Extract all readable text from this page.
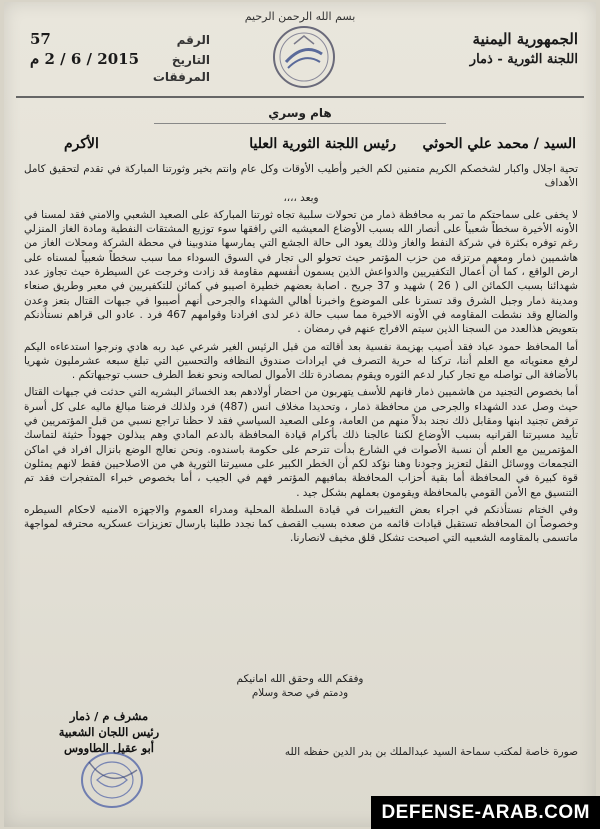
بسم الله الرحمن الرحيم
الجمهورية اليمنية
اللجنة الثورية - ذمار
الرقم
57
التاريخ
2015 / 6 / 2 م
المرفقات
هام وسري
السيد / محمد علي الحوثي
رئيس اللجنة الثورية العليا
الأكرم

تحية اجلال واكبار لشخصكم الكريم متمنين لكم الخير وأطيب الأوقات وكل عام وانتم بخير وثورتنا المباركة في تقدم لتحقيق كامل الأهداف

وبعد ،،،،

لا يخفى على سماحتكم ما تمر به محافظة ذمار من تحولات سلبية تجاه ثورتنا المباركة على الصعيد الشعبي والامني فقد لمسنا في الأونه الأخيرة سخطاً شعبياً على أنصار الله بسبب الأوضاع المعيشيه التي رافقها سوء توزيع المشتقات النفطية ومادة الغاز المنزلي رغم توفره بكثرة في شركة النفط والغاز وذلك يعود الى حالة الجشع التي يمارسها مندوبينا في محطة الشركة ومحلات الغاز من هاشميين ذمار ومعهم مرتزقه من حزب المؤتمر حيث تحولو الى تجار في السوق السوداء مما سبب سخطاً شعبياً لمسناه على ارض الواقع ، كما أن أعمال التكفيريين والدواعش الذين يسمون أنفسهم مقاومة قد زادت وخرجت عن السيطرة حيث تجاوز عدد شهدائنا بسبب الكمائن الى ( 26 ) شهيد و 37 جريح . اصابة بعضهم خطيرة اصيبو في كمائن للتكفيريين في معبر وطريق صنعاء ومدينة ذمار وجبل الشرق وقد تسترنا على الموضوع واخبرنا أهالي الشهداء والجرحى أنهم أصيبوا في جبهات القتال بتعز وعدن والضالع وقد نشطت المقاومه في الأونه الاخيرة مما سبب حالة ذعر لدى افرادنا وقوامهم 467 فرد . عادو الى قراهم نستأذنكم بتعويض هذالعدد من السجنا الذين سيتم الافراج عنهم في رمضان .

أما المحافظ حمود عباد فقد أصيب بهزيمة نفسية بعد أقالته من قبل الرئيس الغير شرعي عبد ربه هادي ونرجوا استدعاءه اليكم لرفع معنوياته مع العلم أننا، تركنا له حرية التصرف في ايرادات صندوق النظافه والتحسين التي تبلغ سبعه عشرمليون شهريا بالأضافة الى تواصله مع تجار كبار لدعم الثوره ويقوم بمصادرة تلك الأموال لصالحه ونحو نغط الطرف حسب توجيهاتكم .

أما بخصوص التجنيد من هاشميين ذمار فانهم للأسف يتهربون من احضار أولادهم بعد الخسائر البشريه التي حدثت في جبهات القتال حيث وصل عدد الشهداء والجرحى من محافظة ذمار ، وتحديدا مخلاف انس (487) فرد ولذلك فرضنا مبالغ ماليه على كل أسرة ترفض تجنيد ابنها ومقابل ذلك نجند بدلاً منهم من العامة، وعلى الصعيد السياسي فقد لا حظنا تراجع نسبي من قبل المؤتمريين في تأييد مسيرتنا القرانيه بسبب الأوضاع لكننا عالجنا ذلك بأكرام قيادة المحافظة بالدعم المادي وهم يبذلون جهوداً حثيثة لتماسك المؤتمريين مع العلم أن نسبة الأصوات في الشارع بدأت تترحم على حكومة باسندوه. ونحن نعالج الوضع بانزال افراد في اماكن التجمعات ووسائل النقل لتعزيز وجودنا وهنا نؤكد لكم أن الخطر الكبير على مسيرتنا الثورية هي من الاصلاحيين فقط لانهم يمثلون قوة كبيرة في المحافظة أما بقية أحزاب المحافظة بمافيهم المؤتمر فهم في الجيب ، أما بخصوص خبراء المتفجرات فقد تم التنسيق مع الأمن القومي بالمحافظة ويقومون بعملهم بشكل جيد .

وفي الختام نستأذنكم في اجراء بعض التغييرات في قيادة السلطة المحلية ومدراء العموم والاجهزه الامنيه لاحكام السيطره وخصوصاً ان المحافظه تستقبل قيادات قائمه من صعده بسبب القصف كما نجدد طلبنا بارسال تعزيزات عسكريه محترفه لمواجهة ماتسمى بالمقاومه الشعبيه التي اصبحت تشكل قلق مخيف لانصارنا.

وفقكم الله وحقق الله امانيكم
ودمتم في صحة وسلام
مشرف م / ذمار
رئيس اللجان الشعبية
أبو عقيل الطاووس	صورة خاصة لمكتب سماحة السيد عبدالملك بن بدر الدين حفظه الله
DEFENSE-ARAB.COM
